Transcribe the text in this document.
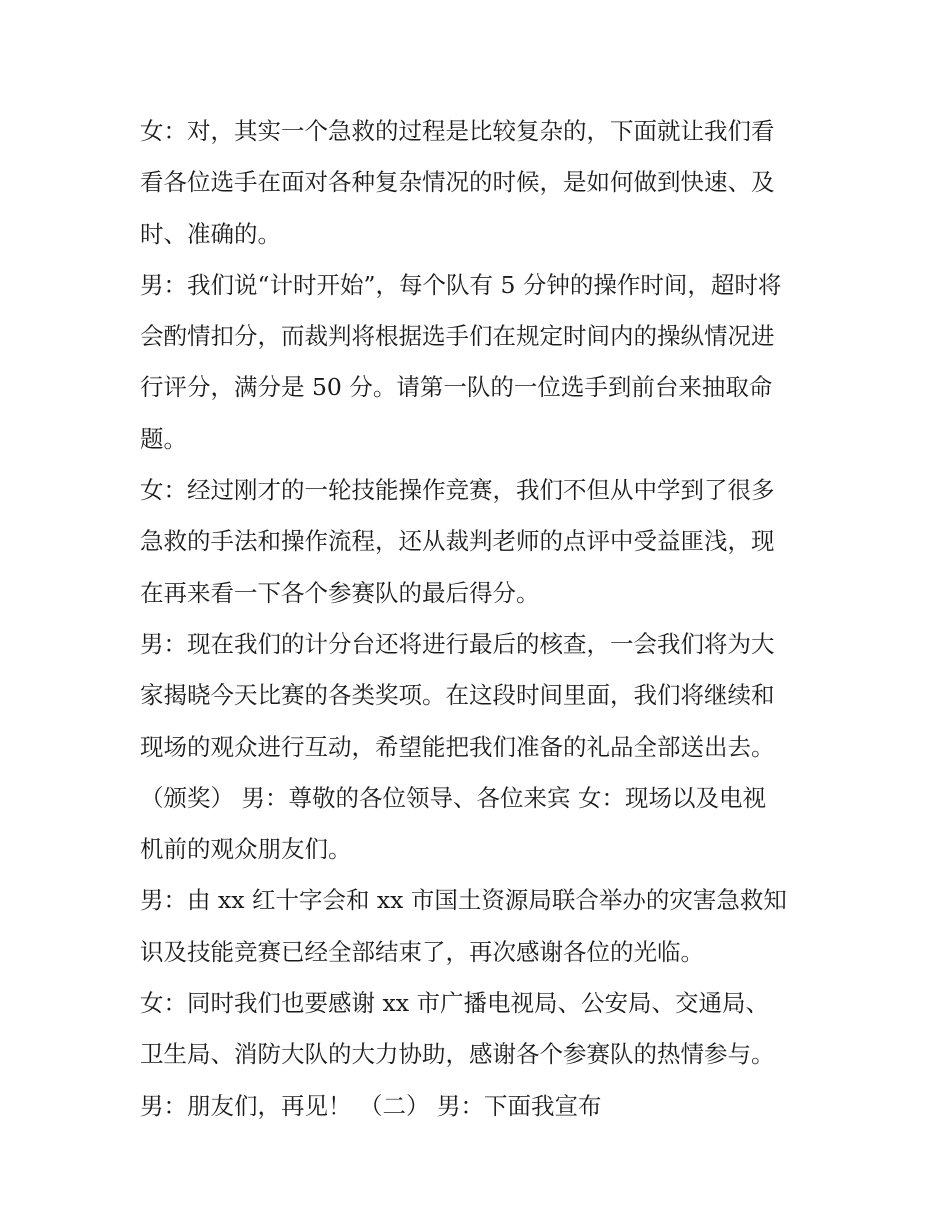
女：对，其实一个急救的过程是比较复杂的，下面就让我们看
看各位选手在面对各种复杂情况的时候，是如何做到快速、及
时、准确的。
男：我们说“计时开始”，每个队有 5 分钟的操作时间，超时将
会酌情扣分，而裁判将根据选手们在规定时间内的操纵情况进
行评分，满分是 50 分。请第一队的一位选手到前台来抽取命
题。
女：经过刚才的一轮技能操作竞赛，我们不但从中学到了很多
急救的手法和操作流程，还从裁判老师的点评中受益匪浅，现
在再来看一下各个参赛队的最后得分。
男：现在我们的计分台还将进行最后的核查，一会我们将为大
家揭晓今天比赛的各类奖项。在这段时间里面，我们将继续和
现场的观众进行互动，希望能把我们准备的礼品全部送出去。
（颁奖） 男：尊敬的各位领导、各位来宾 女：现场以及电视
机前的观众朋友们。
男：由 xx 红十字会和 xx 市国土资源局联合举办的灾害急救知
识及技能竞赛已经全部结束了，再次感谢各位的光临。
女：同时我们也要感谢 xx 市广播电视局、公安局、交通局、
卫生局、消防大队的大力协助，感谢各个参赛队的热情参与。
男：朋友们，再见！ （二） 男：下面我宣布
